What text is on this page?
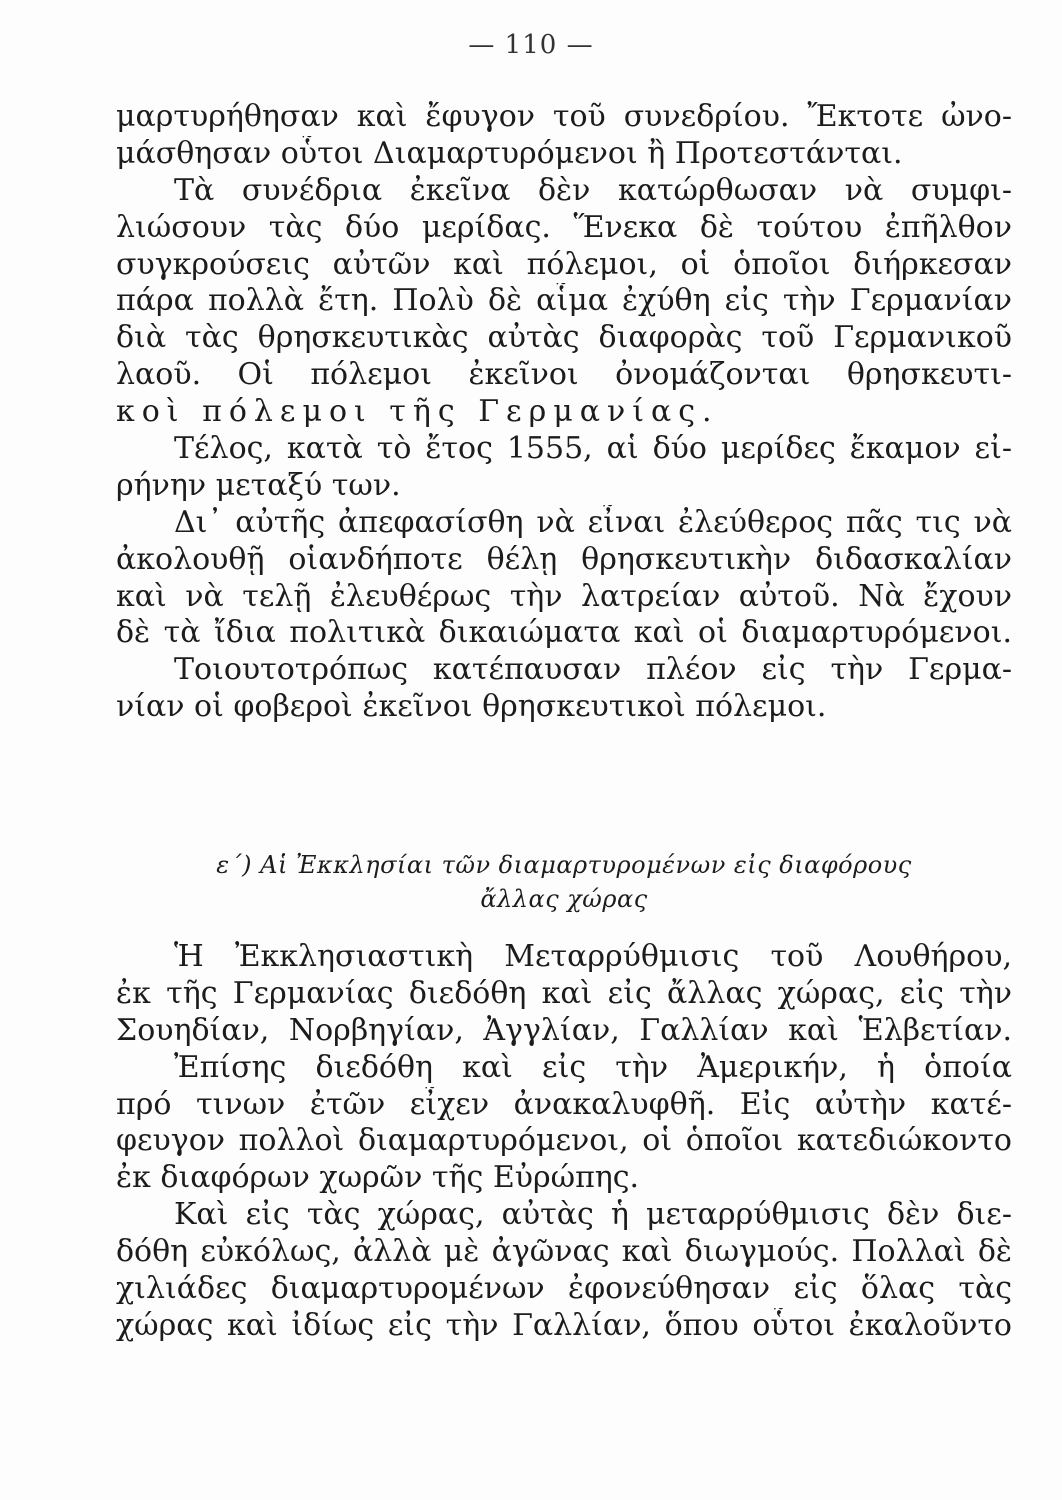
— 110 —
μαρτυρήθησαν καὶ ἔφυγον τοῦ συνεδρίου. Ἔκτοτε ὠνο-
μάσθησαν οὗτοι Διαμαρτυρόμενοι ἢ Προτεστάνται.
Τὰ συνέδρια ἐκεῖνα δὲν κατώρθωσαν νὰ συμφι-
λιώσουν τὰς δύο μερίδας. Ἕνεκα δὲ τούτου ἐπῆλθον
συγκρούσεις αὐτῶν καὶ πόλεμοι, οἱ ὁποῖοι διήρκεσαν
πάρα πολλὰ ἔτη. Πολὺ δὲ αἷμα ἐχύθη εἰς τὴν Γερμανίαν
διὰ τὰς θρησκευτικὰς αὐτὰς διαφορὰς τοῦ Γερμανικοῦ
λαοῦ. Οἱ πόλεμοι ἐκεῖνοι ὀνομάζονται θρησκευτι-
κοὶ πόλεμοι τῆς Γερμανίας.
Τέλος, κατὰ τὸ ἔτος 1555, αἱ δύο μερίδες ἔκαμον εἰ-
ρήνην μεταξύ των.
Δι᾿ αὐτῆς ἀπεφασίσθη νὰ εἶναι ἐλεύθερος πᾶς τις νὰ
ἀκολουθῇ οἱανδήποτε θέλῃ θρησκευτικὴν διδασκαλίαν
καὶ νὰ τελῇ ἐλευθέρως τὴν λατρείαν αὐτοῦ. Νὰ ἔχουν
δὲ τὰ ἴδια πολιτικὰ δικαιώματα καὶ οἱ διαμαρτυρόμενοι.
Τοιουτοτρόπως κατέπαυσαν πλέον εἰς τὴν Γερμα-
νίαν οἱ φοβεροὶ ἐκεῖνοι θρησκευτικοὶ πόλεμοι.
ε´) Αἱ Ἐκκλησίαι τῶν διαμαρτυρομένων εἰς διαφόρους
ἄλλας χώρας
Ἡ Ἐκκλησιαστικὴ Μεταρρύθμισις τοῦ Λουθήρου,
ἐκ τῆς Γερμανίας διεδόθη καὶ εἰς ἄλλας χώρας, εἰς τὴν
Σουηδίαν, Νορβηγίαν, Ἀγγλίαν, Γαλλίαν καὶ Ἑλβετίαν.
Ἐπίσης διεδόθη καὶ εἰς τὴν Ἀμερικήν, ἡ ὁποία
πρό τινων ἐτῶν εἶχεν ἀνακαλυφθῆ. Εἰς αὐτὴν κατέ-
φευγον πολλοὶ διαμαρτυρόμενοι, οἱ ὁποῖοι κατεδιώκοντο
ἐκ διαφόρων χωρῶν τῆς Εὐρώπης.
Καὶ εἰς τὰς χώρας, αὐτὰς ἡ μεταρρύθμισις δὲν διε-
δόθη εὐκόλως, ἀλλὰ μὲ ἀγῶνας καὶ διωγμούς. Πολλαὶ δὲ
χιλιάδες διαμαρτυρομένων ἐφονεύθησαν εἰς ὅλας τὰς
χώρας καὶ ἰδίως εἰς τὴν Γαλλίαν, ὅπου οὗτοι ἐκαλοῦντο
